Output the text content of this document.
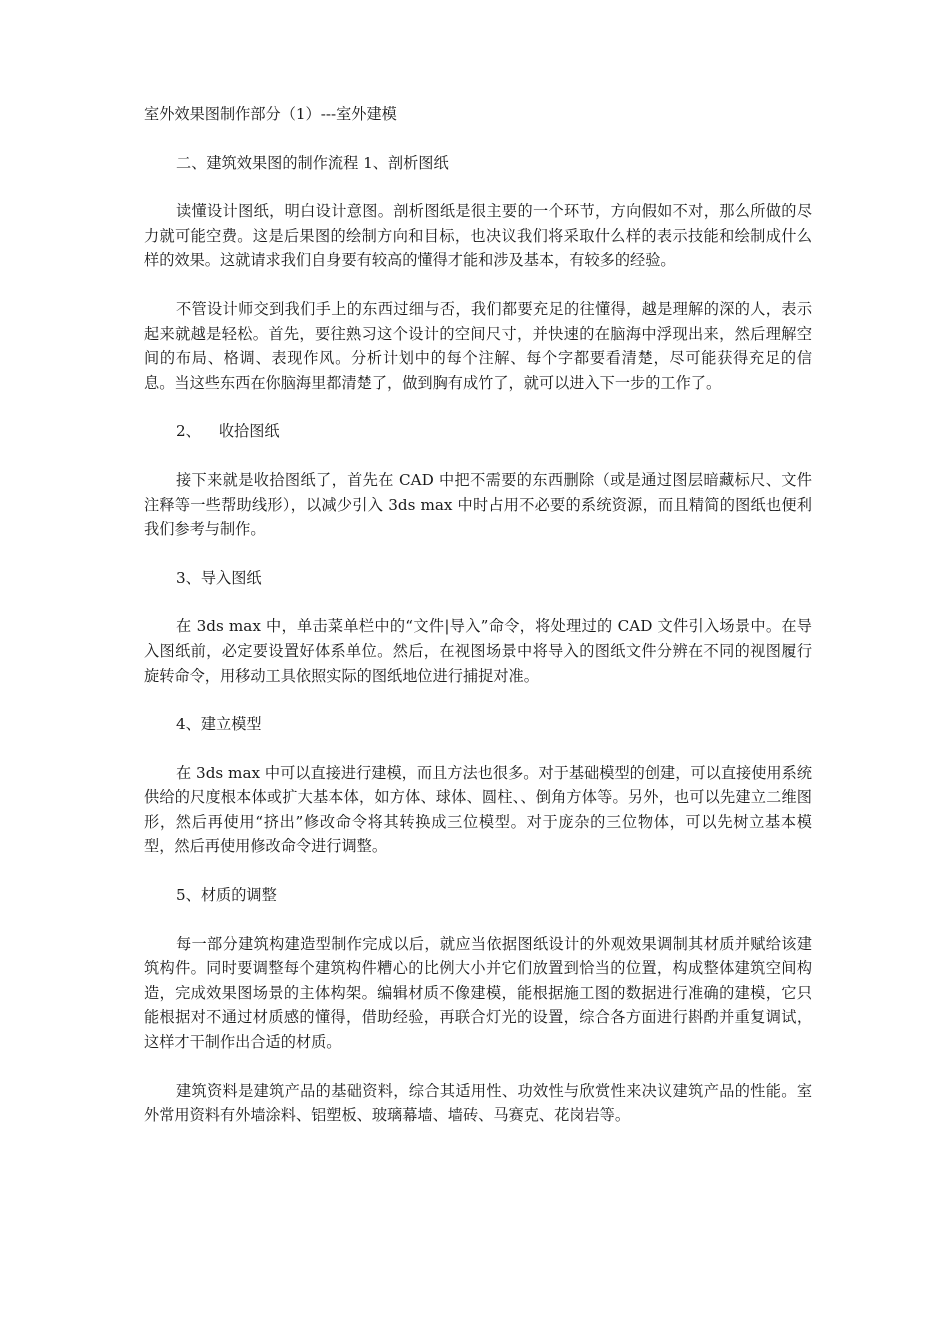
室外效果图制作部分（1）---室外建模

二、建筑效果图的制作流程 1、剖析图纸

读懂设计图纸，明白设计意图。剖析图纸是很主要的一个环节，方向假如不对，那么所做的尽力就可能空费。这是后果图的绘制方向和目标，也决议我们将采取什么样的表示技能和绘制成什么样的效果。这就请求我们自身要有较高的懂得才能和涉及基本，有较多的经验。

不管设计师交到我们手上的东西过细与否，我们都要充足的往懂得，越是理解的深的人，表示起来就越是轻松。首先，要往熟习这个设计的空间尺寸，并快速的在脑海中浮现出来，然后理解空间的布局、格调、表现作风。分析计划中的每个注解、每个字都要看清楚，尽可能获得充足的信息。当这些东西在你脑海里都清楚了，做到胸有成竹了，就可以进入下一步的工作了。

2、 收拾图纸

接下来就是收拾图纸了，首先在 CAD 中把不需要的东西删除（或是通过图层暗藏标尺、文件注释等一些帮助线形），以减少引入 3ds max 中时占用不必要的系统资源，而且精简的图纸也便利我们参考与制作。

3、导入图纸

在 3ds max 中，单击菜单栏中的“文件|导入”命令，将处理过的 CAD 文件引入场景中。在导入图纸前，必定要设置好体系单位。然后，在视图场景中将导入的图纸文件分辨在不同的视图履行旋转命令，用移动工具依照实际的图纸地位进行捕捉对准。

4、建立模型

在 3ds max 中可以直接进行建模，而且方法也很多。对于基础模型的创建，可以直接使用系统供给的尺度根本体或扩大基本体，如方体、球体、圆柱、、倒角方体等。另外，也可以先建立二维图形，然后再使用“挤出”修改命令将其转换成三位模型。对于庞杂的三位物体，可以先树立基本模型，然后再使用修改命令进行调整。

5、材质的调整

每一部分建筑构建造型制作完成以后，就应当依据图纸设计的外观效果调制其材质并赋给该建筑构件。同时要调整每个建筑构件糟心的比例大小并它们放置到恰当的位置，构成整体建筑空间构造，完成效果图场景的主体构架。编辑材质不像建模，能根据施工图的数据进行准确的建模，它只能根据对不通过材质感的懂得，借助经验，再联合灯光的设置，综合各方面进行斟酌并重复调试，这样才干制作出合适的材质。

建筑资料是建筑产品的基础资料，综合其适用性、功效性与欣赏性来决议建筑产品的性能。室外常用资料有外墙涂料、铝塑板、玻璃幕墙、墙砖、马赛克、花岗岩等。
